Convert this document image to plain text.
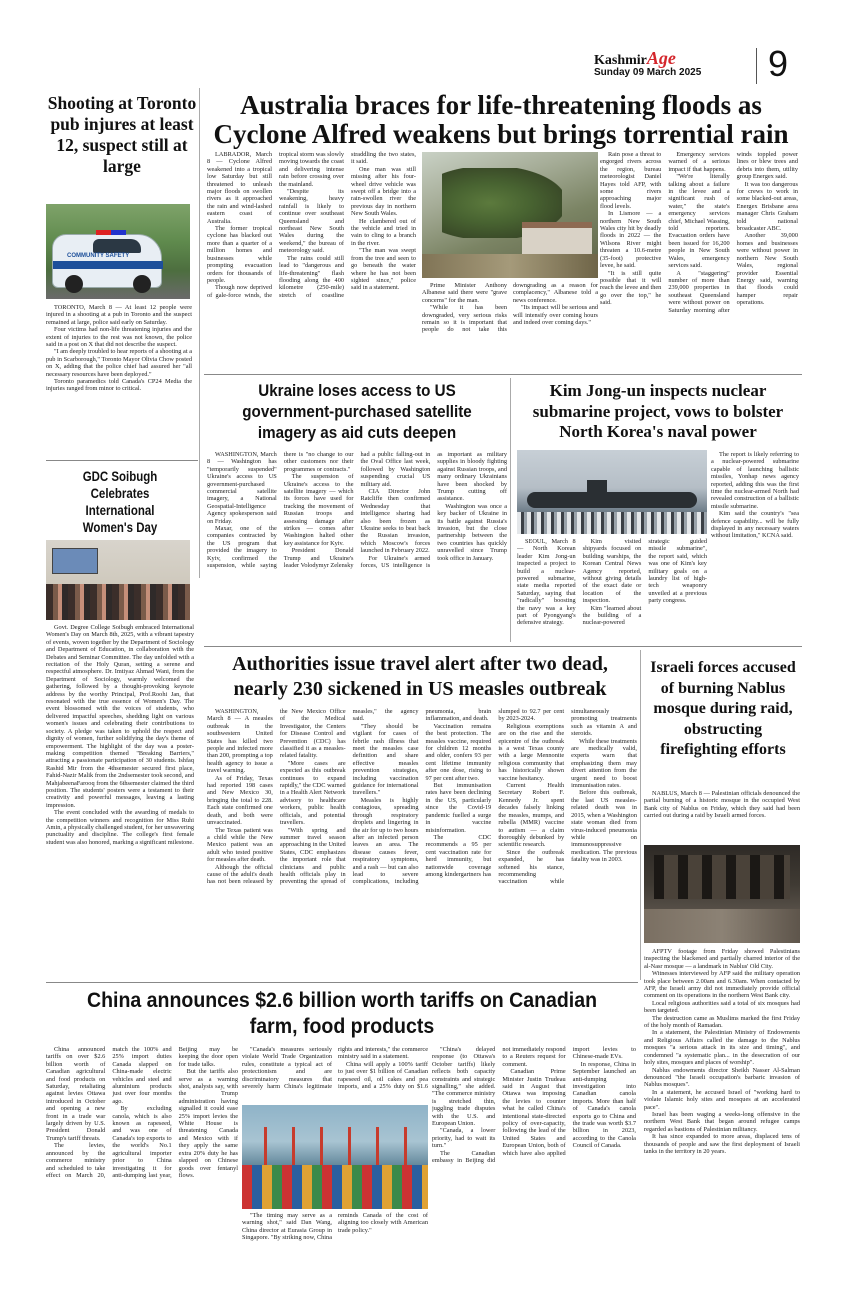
KashmirAge
Sunday 09 March 2025 9
Shooting at Toronto pub injures at least 12, suspect still at large
COMMUNITY SAFETY

TORONTO, March 8 — At least 12 people were injured in a shooting at a pub in Toronto and the suspect remained at large, police said early on Saturday.

Four victims had non-life threatening injuries and the extent of injuries to the rest was not known, the police said in a post on X that did not describe the suspect.

"I am deeply troubled to hear reports of a shooting at a pub in Scarborough," Toronto Mayor Olivia Chow posted on X, adding that the police chief had assured her "all necessary resources have been deployed."

Toronto paramedics told Canada's CP24 Media the injuries ranged from minor to critical.

Australia braces for life-threatening floods as Cyclone Alfred weakens but brings torrential rain

LABRADOR, March 8 — Cyclone Alfred weakened into a tropical low Saturday but still threatened to unleash major floods on swollen rivers as it approached the rain and wind-lashed eastern coast of Australia.

The former tropical cyclone has blacked out more than a quarter of a million homes and businesses while prompting evacuation orders for thousands of people.

Though now deprived of gale-force winds, the tropical storm was slowly moving towards the coast and delivering intense rain before crossing over the mainland.

"Despite its weakening, heavy rainfall is likely to continue over southeast Queensland and northeast New South Wales during the weekend," the bureau of meteorology said.

The rains could still lead to "dangerous and life-threatening" flash flooding along the 400 kilometre (250-mile) stretch of coastline straddling the two states, it said.

One man was still missing after his four-wheel drive vehicle was swept off a bridge into a rain-swollen river the previous day in northern New South Wales.

He clambered out of the vehicle and tried in vain to cling to a branch in the river.

"The man was swept from the tree and seen to go beneath the water where he has not been sighted since," police said in a statement.	Prime Minister Anthony Albanese said there were "grave concerns" for the man.

"While it has been downgraded, very serious risks remain so it is important that people do not take this downgrading as a reason for complacency," Albanese told a news conference.

"Its impact will be serious and will intensify over coming hours and indeed over coming days."

Rain pose a threat to engorged rivers across the region, bureau meteorologist Daniel Hayes told AFP, with some rivers approaching major flood levels.

In Lismore — a northern New South Wales city hit by deadly floods in 2022 — the Wilsons River might threaten a 10.6-metre (35-foot) protective levee, he said.

"It is still quite possible that it will reach the levee and then go over the top," he said.

Emergency services warned of a serious impact if that happens.

"We're literally talking about a failure in the levee and a significant rush of water," the state's emergency services chief, Michael Wassing, told reporters. Evacuation orders have been issued for 16,200 people in New South Wales, emergency services said.

A "staggering" number of more than 239,000 properties in southeast Queensland were without power on Saturday morning after winds toppled power lines or blew trees and debris into them, utility group Energex said.

It was too dangerous for crews to work in some blacked-out areas, Energex Brisbane area manager Chris Graham told national broadcaster ABC.

Another 39,000 homes and businesses were without power in northern New South Wales, regional provider Essential Energy said, warning that floods could hamper repair operations.

GDC Soibugh Celebrates International Women's Day

Govt. Degree College Soibugh embraced International Women's Day on March 8th, 2025, with a vibrant tapestry of events, woven together by the Department of Sociology and Department of Education, in collaboration with the Debates and Seminar Committee. The day unfolded with a recitation of the Holy Quran, setting a serene and respectful atmosphere. Dr. Imtiyaz Ahmad Wani, from the Department of Sociology, warmly welcomed the gathering, followed by a thought-provoking keynote address by the worthy Principal, Prof.Roohi Jan, that resonated with the true essence of Women's Day. The event blossomed with the voices of students, who delivered impactful speeches, shedding light on various women's issues and celebrating their contributions to society. A pledge was taken to uphold the respect and dignity of women, further solidifying the day's theme of empowerment. The highlight of the day was a poster-making competition themed "Breaking Barriers," attracting a passionate participation of 30 students. Ishfaq Rashid Mir from the 4thsemester secured first place, Fahid-Nazir Malik from the 2ndsemester took second, and MahjabeenaFarooq from the 6thsemester claimed the third position. The students' posters were a testament to their creativity and powerful messages, leaving a lasting impression.

The event concluded with the awarding of medals to the competition winners and recognition for Miss Ruhi Amin, a physically challenged student, for her unwavering punctuality and discipline. The college's first female student was also honored, marking a significant milestone.

Ukraine loses access to US government-purchased satellite imagery as aid cuts deepen

WASHINGTON, March 8 — Washington has "temporarily suspended" Ukraine's access to US government-purchased commercial satellite imagery, a National Geospatial-Intelligence Agency spokesperson said on Friday.

Maxar, one of the companies contracted by the US program that provided the imagery to Kyiv, confirmed the suspension, while saying there is "no change to our other customers nor their programmes or contracts."

The suspension of Ukraine's access to the satellite imagery — which its forces have used for tracking the movement of Russian troops and assessing damage after strikes — comes after Washington halted other key assistance for Kyiv.

President Donald Trump and Ukraine's leader Volodymyr Zelensky had a public falling-out in the Oval Office last week, followed by Washington suspending crucial US military aid.

CIA Director John Ratcliffe then confirmed Wednesday that intelligence sharing had also been frozen as Ukraine seeks to beat back the Russian invasion, which Moscow's forces launched in February 2022.

For Ukraine's armed forces, US intelligence is as important as military supplies in bloody fighting against Russian troops, and many ordinary Ukrainians have been shocked by Trump cutting off assistance.

Washington was once a key backer of Ukraine in its battle against Russia's invasion, but the close partnership between the two countries has quickly unravelled since Trump took office in January.

Kim Jong-un inspects nuclear submarine project, vows to bolster North Korea's naval power

SEOUL, March 8 — North Korean leader Kim Jong-un inspected a project to build a nuclear-powered submarine, state media reported Saturday, saying that "radically" boosting the navy was a key part of Pyongyang's defensive strategy.

Kim visited shipyards focused on building warships, the Korean Central News Agency reported, without giving details of the exact date or location of the inspection.

Kim "learned about the building of a nuclear-powered strategic guided missile submarine", the report said, which was one of Kim's key military goals on a laundry list of high-tech weaponry unveiled at a previous party congress.

The report is likely referring to a nuclear-powered submarine capable of launching ballistic missiles, Yonhap news agency reported, adding this was the first time the nuclear-armed North had revealed construction of a ballistic missile submarine.

Kim said the country's "sea defence capability... will be fully displayed in any necessary waters without limitation," KCNA said.

Authorities issue travel alert after two dead, nearly 230 sickened in US measles outbreak

WASHINGTON, March 8 — A measles outbreak in the southwestern United States has killed two people and infected more than 200, prompting a top health agency to issue a travel warning.

As of Friday, Texas had reported 198 cases and New Mexico 30, bringing the total to 228. Each state confirmed one death, and both were unvaccinated.

The Texas patient was a child while the New Mexico patient was an adult who tested positive for measles after death.

Although the official cause of the adult's death has not been released by the New Mexico Office of the Medical Investigator, the Centers for Disease Control and Prevention (CDC) has classified it as a measles-related fatality.

"More cases are expected as this outbreak continues to expand rapidly," the CDC warned in a Health Alert Network advisory to healthcare workers, public health officials, and potential travellers.

"With spring and summer travel season approaching in the United States, CDC emphasizes the important role that clinicians and public health officials play in preventing the spread of measles," the agency said.

"They should be vigilant for cases of febrile rash illness that meet the measles case definition and share effective measles prevention strategies, including vaccination guidance for international travellers."

Measles is highly contagious, spreading through respiratory droplets and lingering in the air for up to two hours after an infected person leaves an area. The disease causes fever, respiratory symptoms, and a rash — but can also lead to severe complications, including pneumonia, brain inflammation, and death.

Vaccination remains the best protection. The measles vaccine, required for children 12 months and older, confers 93 per cent lifetime immunity after one dose, rising to 97 per cent after two.

But immunisation rates have been declining in the US, particularly since the Covid-19 pandemic fuelled a surge in vaccine misinformation.

The CDC recommends a 95 per cent vaccination rate for herd immunity, but nationwide coverage among kindergartners has slumped to 92.7 per cent by 2023-2024.

Religious exemptions are on the rise and the epicentre of the outbreak is a west Texas county with a large Mennonite religious community that has historically shown vaccine hesitancy.

Current Health Secretary Robert F. Kennedy Jr. spent decades falsely linking the measles, mumps, and rubella (MMR) vaccine to autism — a claim thoroughly debunked by scientific research.

Since the outbreak expanded, he has softened his stance, recommending vaccination while simultaneously promoting treatments such as vitamin A and steroids.

While these treatments are medically valid, experts warn that emphasizing them may divert attention from the urgent need to boost immunisation rates.

Before this outbreak, the last US measles-related death was in 2015, when a Washington state woman died from virus-induced pneumonia while on immunosuppressive medication. The previous fatality was in 2003.

Israeli forces accused of burning Nablus mosque during raid, obstructing firefighting efforts
NABLUS, March 8 — Palestinian officials denounced the partial burning of a historic mosque in the occupied West Bank city of Nablus on Friday, which they said had been carried out during a raid by Israeli armed forces.

AFPTV footage from Friday showed Palestinians inspecting the blackened and partially charred interior of the al-Nasr mosque — a landmark in Nablus' Old City.

Witnesses interviewed by AFP said the military operation took place between 2.00am and 6.30am. When contacted by AFP, the Israeli army did not immediately provide official comment on its operations in the northern West Bank city.

Local religious authorities said a total of six mosques had been targeted.

The destruction came as Muslims marked the first Friday of the holy month of Ramadan.

In a statement, the Palestinian Ministry of Endowments and Religious Affairs called the damage to the Nablus mosques "a serious attack in its size and timing", and condemned "a systematic plan... in the desecration of our holy sites, mosques and places of worship".

Nablus endowments director Sheikh Nasser Al-Salman denounced "the Israeli occupation's barbaric invasion of Nablus mosques".

In a statement, he accused Israel of "working hard to violate Islamic holy sites and mosques at an accelerated pace".

Israel has been waging a weeks-long offensive in the northern West Bank that began around refugee camps regarded as bastions of Palestinian militancy.

It has since expanded to more areas, displaced tens of thousands of people and saw the first deployment of Israeli tanks in the territory in 20 years.

China announces $2.6 billion worth tariffs on Canadian farm, food products

China announced tariffs on over $2.6 billion worth of Canadian agricultural and food products on Saturday, retaliating against levies Ottawa introduced in October and opening a new front in a trade war largely driven by U.S. President Donald Trump's tariff threats.

The levies, announced by the commerce ministry and scheduled to take effect on March 20, match the 100% and 25% import duties Canada slapped on China-made electric vehicles and steel and aluminium products just over four months ago.

By excluding canola, which is also known as rapeseed, and was one of Canada's top exports to the world's No.1 agricultural importer prior to China investigating it for anti-dumping last year, Beijing may be keeping the door open for trade talks.

But the tariffs also serve as a warning shot, analysts say, with the Trump administration having signalled it could ease 25% import levies the White House is threatening Canada and Mexico with if they apply the same extra 20% duty he has slapped on Chinese goods over fentanyl flows.

"Canada's measures seriously violate World Trade Organization rules, constitute a typical act of protectionism and are discriminatory measures that severely harm China's legitimate rights and interests," the commerce ministry said in a statement.

China will apply a 100% tariff to just over $1 billion of Canadian rapeseed oil, oil cakes and pea imports, and a 25% duty on $1.6

"The timing may serve as a warning shot," said Dan Wang, China director at Eurasia Group in Singapore. "By striking now, China reminds Canada of the cost of aligning too closely with American trade policy."

"China's delayed response (to Ottawa's October tariffs) likely reflects both capacity constraints and strategic signalling," she added. "The commerce ministry is stretched thin, juggling trade disputes with the U.S. and European Union.

"Canada, a lower priority, had to wait its turn."

The Canadian embassy in Beijing did not immediately respond to a Reuters request for comment.

Canadian Prime Minister Justin Trudeau said in August that Ottawa was imposing the levies to counter what he called China's intentional state-directed policy of over-capacity, following the lead of the United States and European Union, both of which have also applied import levies to Chinese-made EVs.

In response, China in September launched an anti-dumping investigation into Canadian canola imports. More than half of Canada's canola exports go to China and the trade was worth $3.7 billion in 2023, according to the Canola Council of Canada.
